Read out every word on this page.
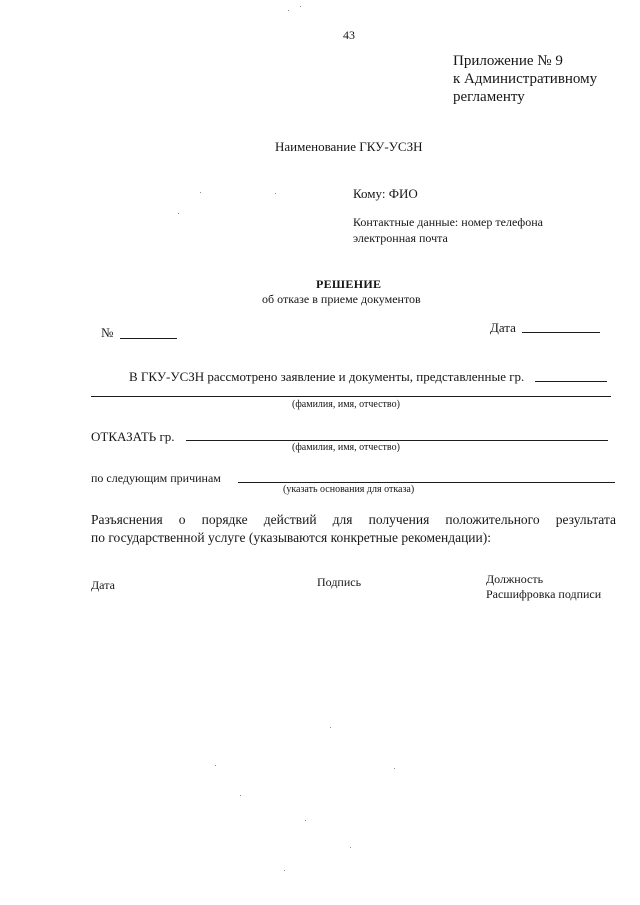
43
Приложение № 9
к Административному
регламенту
Наименование ГКУ-УСЗН
Кому: ФИО
Контактные данные: номер телефона
электронная почта
РЕШЕНИЕ
об отказе в приеме документов
№	Дата
В ГКУ-УСЗН рассмотрено заявление и документы, представленные гр.
(фамилия, имя, отчество)
ОТКАЗАТЬ гр.
(фамилия, имя, отчество)
по следующим причинам
(указать основания для отказа)
Разъяснения о порядке действий для получения положительного результата
по государственной услуге (указываются конкретные рекомендации):
Дата	Подпись	Должность
Расшифровка подписи
